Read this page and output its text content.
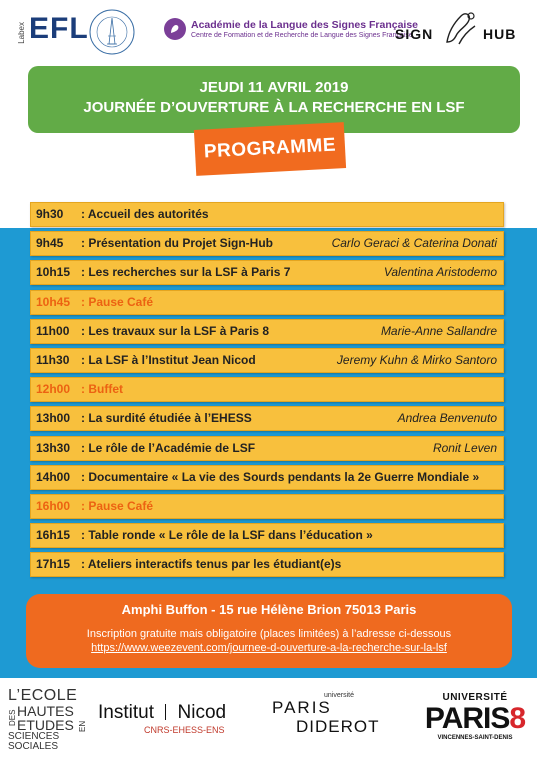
Labex EFL	Académie de la Langue des Signes Française
Centre de Formation et de Recherche de Langue des Signes Française
SIGN	HUB
JEUDI 11 AVRIL 2019
JOURNÉE D’OUVERTURE À LA RECHERCHE EN LSF
PROGRAMME
9h30 : Accueil des autorités
9h45 : Présentation du Projet Sign-Hub	Carlo Geraci & Caterina Donati
10h15 : Les recherches sur la LSF à Paris 7	Valentina Aristodemo
10h45 : Pause Café
11h00 : Les travaux sur la LSF à Paris 8	Marie-Anne Sallandre
11h30 : La LSF à l’Institut Jean Nicod	Jeremy Kuhn & Mirko Santoro
12h00 : Buffet
13h00 : La surdité étudiée à l’EHESS	Andrea Benvenuto
13h30 : Le rôle de l’Académie de LSF	Ronit Leven
14h00 : Documentaire « La vie des Sourds pendants la 2e Guerre Mondiale »
16h00 : Pause Café
16h15 : Table ronde « Le rôle de la LSF dans l’éducation »
17h15 : Ateliers interactifs tenus par les étudiant(e)s
Amphi Buffon - 15 rue Hélène Brion 75013 Paris
Inscription gratuite mais obligatoire (places limitées) à l’adresse ci-dessous
https://www.weezevent.com/journee-d-ouverture-a-la-recherche-sur-la-lsf
L’ECOLE
DES HAUTES
ETUDES EN
SCIENCES
SOCIALES
Institut Nicod
CNRS-EHESS-ENS
université
PARIS
DIDEROT
UNIVERSITÉ
PARIS8
VINCENNES-SAINT-DENIS
